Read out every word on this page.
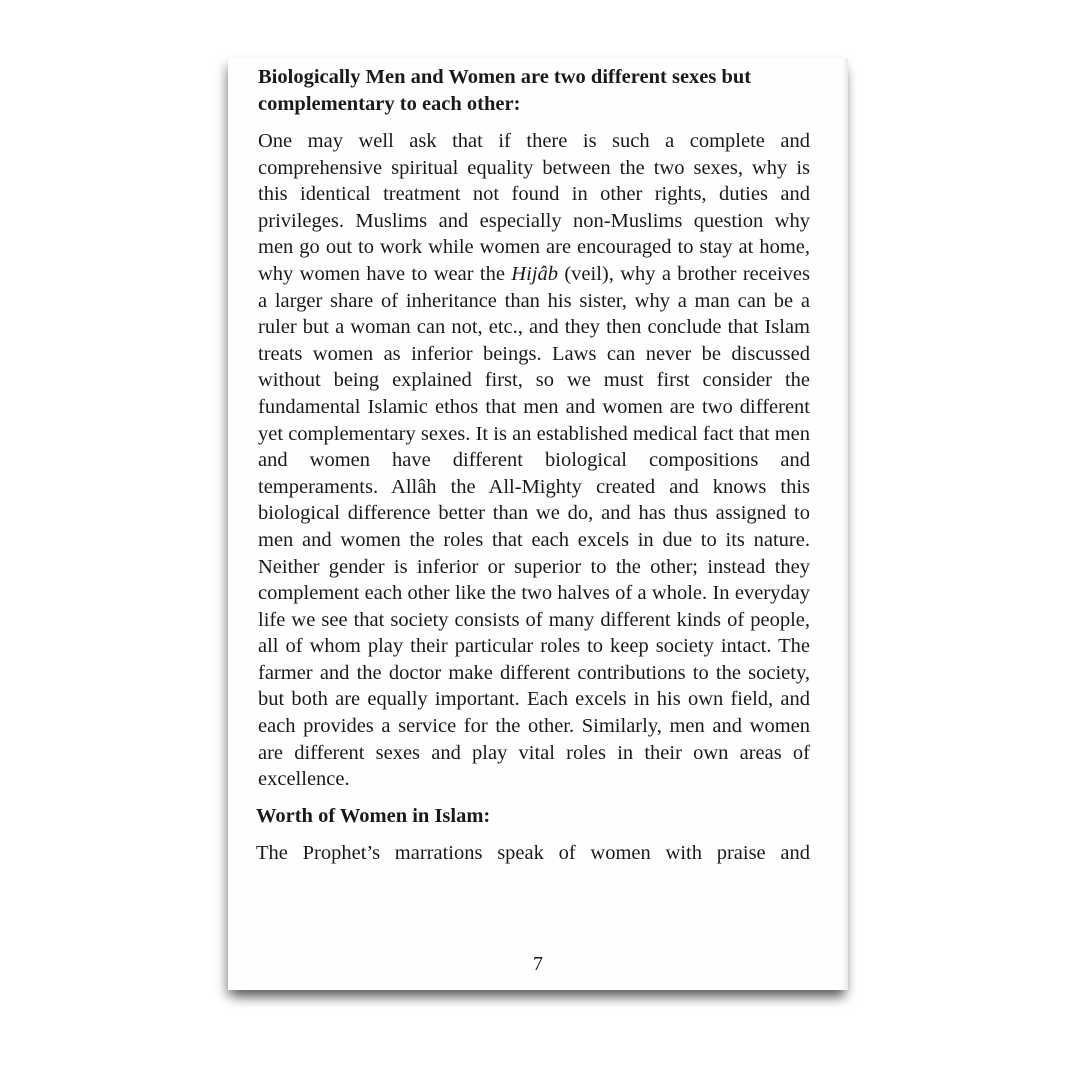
Biologically Men and Women are two different sexes but complementary to each other:

One may well ask that if there is such a complete and comprehensive spiritual equality between the two sexes, why is this identical treatment not found in other rights, duties and privileges. Muslims and especially non-Muslims question why men go out to work while women are encouraged to stay at home, why women have to wear the Hijâb (veil), why a brother receives a larger share of inheritance than his sister, why a man can be a ruler but a woman can not, etc., and they then conclude that Islam treats women as inferior beings. Laws can never be discussed without being explained first, so we must first consider the fundamental Islamic ethos that men and women are two different yet complementary sexes. It is an established medical fact that men and women have different biological compositions and temperaments. Allâh the All-Mighty created and knows this biological difference better than we do, and has thus assigned to men and women the roles that each excels in due to its nature. Neither gender is inferior or superior to the other; instead they complement each other like the two halves of a whole. In everyday life we see that society consists of many different kinds of people, all of whom play their particular roles to keep society intact. The farmer and the doctor make different contributions to the society, but both are equally important. Each excels in his own field, and each provides a service for the other. Similarly, men and women are different sexes and play vital roles in their own areas of excellence.

Worth of Women in Islam:

The Prophet’s marrations speak of women with praise and

7
